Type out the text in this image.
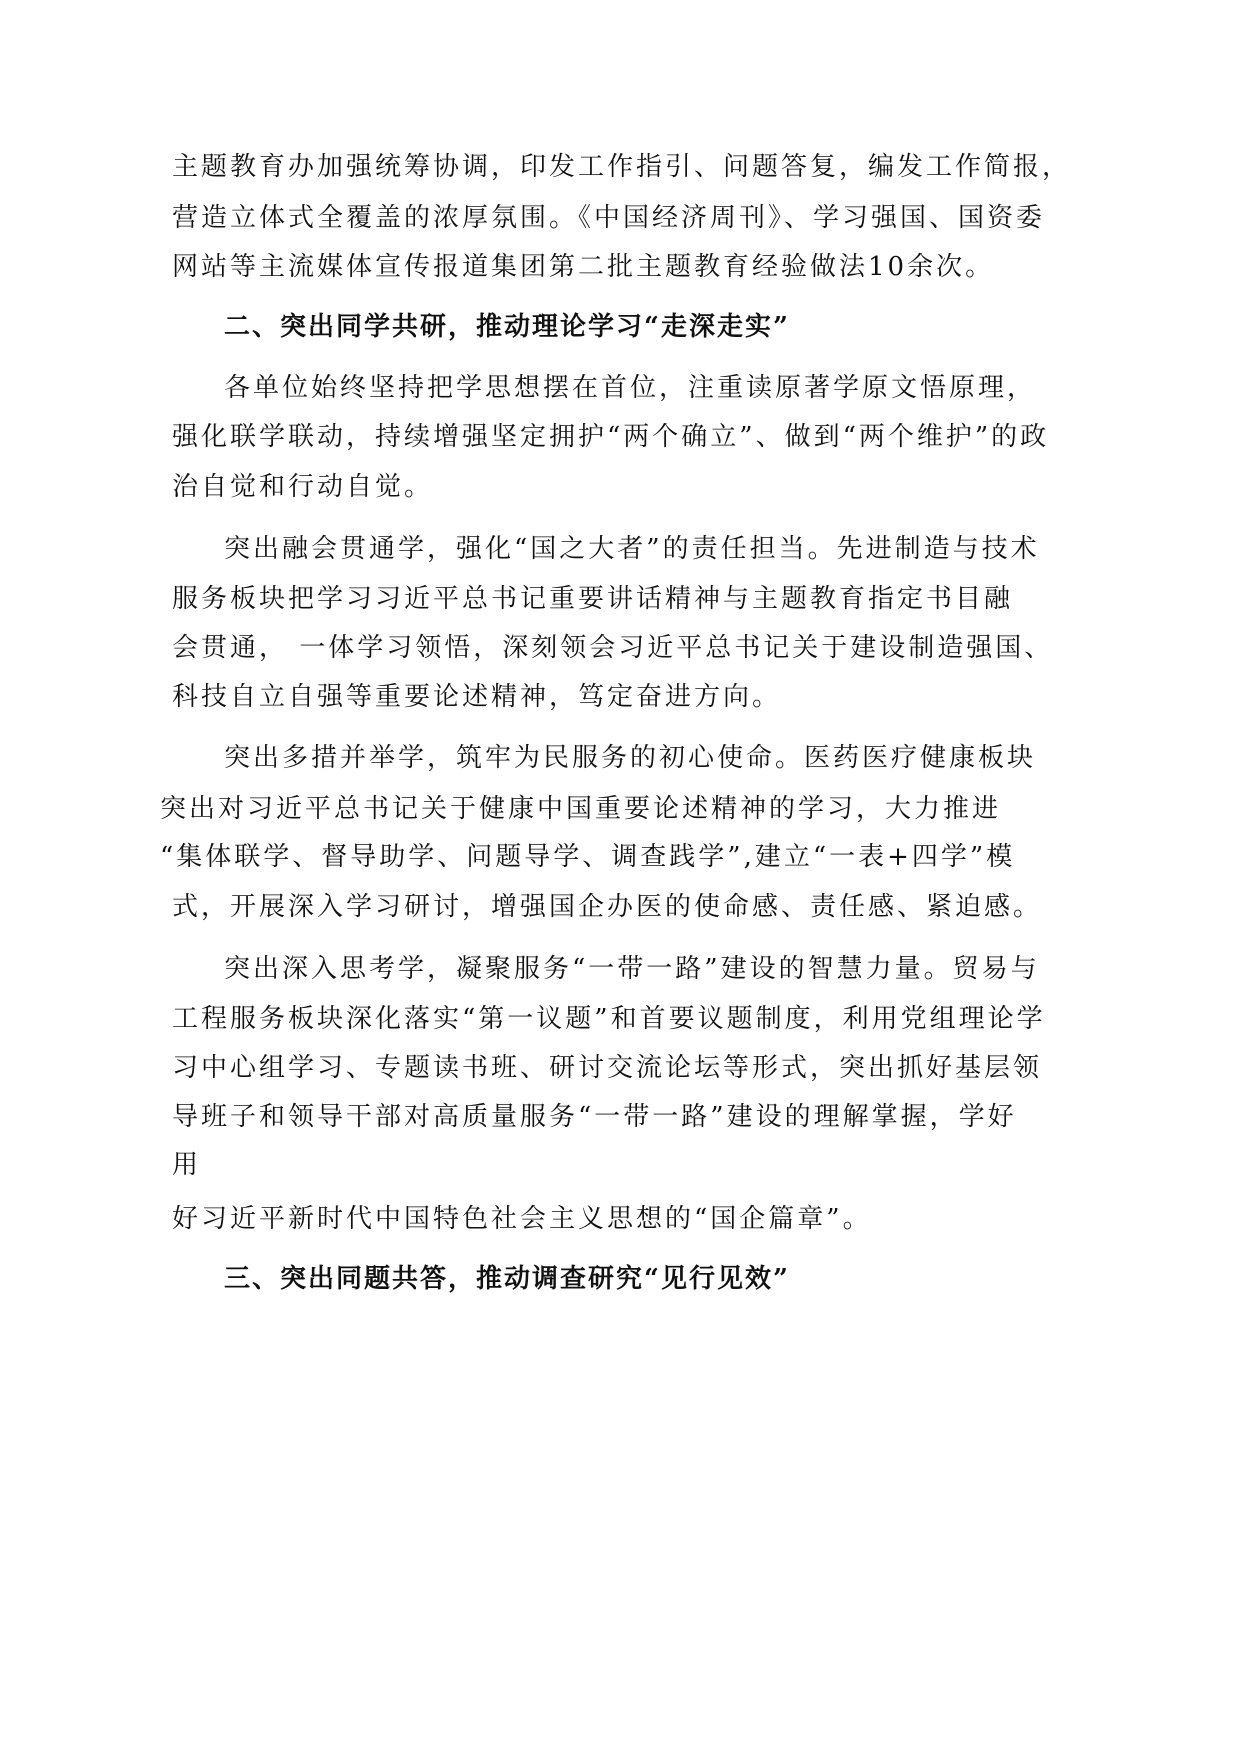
主题教育办加强统筹协调，印发工作指引、问题答复，编发工作简报，
营造立体式全覆盖的浓厚氛围。《中国经济周刊》、学习强国、国资委
网站等主流媒体宣传报道集团第二批主题教育经验做法10余次。
二、突出同学共研，推动理论学习“走深走实”
各单位始终坚持把学思想摆在首位，注重读原著学原文悟原理，
强化联学联动，持续增强坚定拥护“两个确立”、做到“两个维护”的政
治自觉和行动自觉。
突出融会贯通学，强化“国之大者”的责任担当。先进制造与技术
服务板块把学习习近平总书记重要讲话精神与主题教育指定书目融
会贯通， 一体学习领悟，深刻领会习近平总书记关于建设制造强国、
科技自立自强等重要论述精神，笃定奋进方向。
突出多措并举学，筑牢为民服务的初心使命。医药医疗健康板块
突出对习近平总书记关于健康中国重要论述精神的学习，大力推进
“集体联学、督导助学、问题导学、调查践学”,建立“一表+四学”模
式，开展深入学习研讨，增强国企办医的使命感、责任感、紧迫感。
突出深入思考学，凝聚服务“一带一路”建设的智慧力量。贸易与
工程服务板块深化落实“第一议题”和首要议题制度，利用党组理论学
习中心组学习、专题读书班、研讨交流论坛等形式，突出抓好基层领
导班子和领导干部对高质量服务“一带一路”建设的理解掌握，学好
用
好习近平新时代中国特色社会主义思想的“国企篇章”。
三、突出同题共答，推动调查研究“见行见效”
